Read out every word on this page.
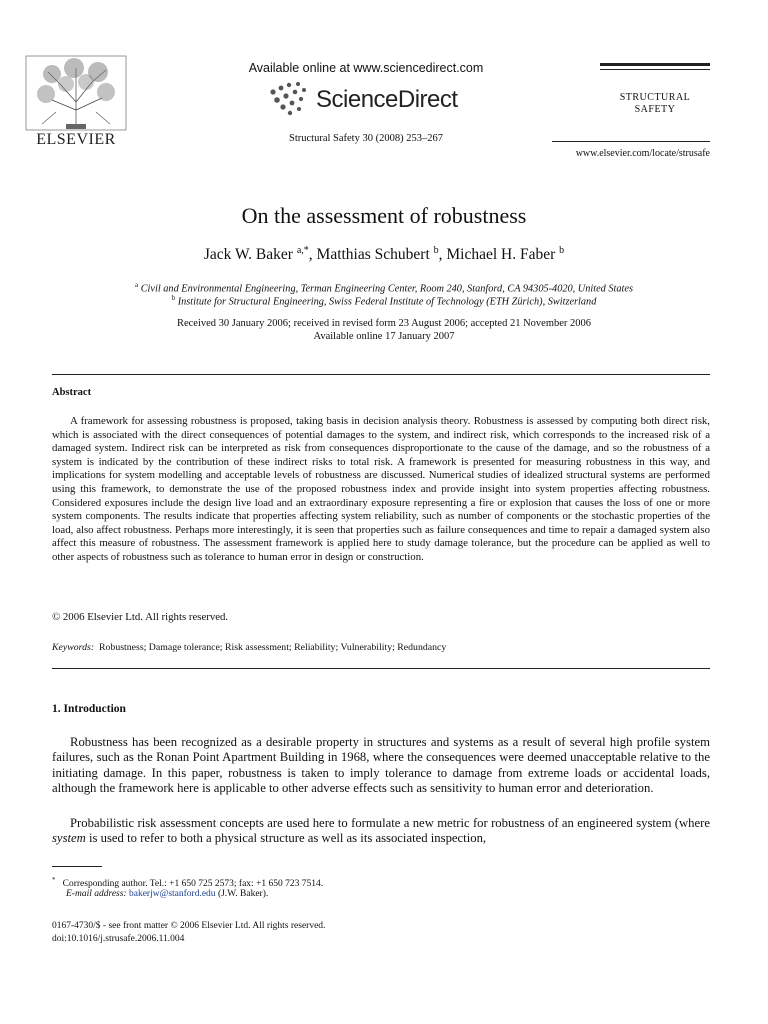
ELSEVIER
Available online at www.sciencedirect.com
ScienceDirect
Structural Safety 30 (2008) 253–267
STRUCTURAL
SAFETY
www.elsevier.com/locate/strusafe
On the assessment of robustness
Jack W. Baker $^{a,*}$, Matthias Schubert $^b$, Michael H. Faber $^b$
$^a$ Civil and Environmental Engineering, Terman Engineering Center, Room 240, Stanford, CA 94305-4020, United States
$^b$ Institute for Structural Engineering, Swiss Federal Institute of Technology (ETH Zürich), Switzerland
Received 30 January 2006; received in revised form 23 August 2006; accepted 21 November 2006
Available online 17 January 2007
Abstract
A framework for assessing robustness is proposed, taking basis in decision analysis theory. Robustness is assessed by computing both direct risk, which is associated with the direct consequences of potential damages to the system, and indirect risk, which corresponds to the increased risk of a damaged system. Indirect risk can be interpreted as risk from consequences disproportionate to the cause of the damage, and so the robustness of a system is indicated by the contribution of these indirect risks to total risk. A framework is presented for measuring robustness in this way, and implications for system modelling and acceptable levels of robustness are discussed. Numerical studies of idealized structural systems are performed using this framework, to demonstrate the use of the proposed robustness index and provide insight into system properties affecting robustness. Considered exposures include the design live load and an extraordinary exposure representing a fire or explosion that causes the loss of one or more system components. The results indicate that properties affecting system reliability, such as number of components or the stochastic properties of the load, also affect robustness. Perhaps more interestingly, it is seen that properties such as failure consequences and time to repair a damaged system also affect this measure of robustness. The assessment framework is applied here to study damage tolerance, but the procedure can be applied as well to other aspects of robustness such as tolerance to human error in design or construction.
© 2006 Elsevier Ltd. All rights reserved.
Keywords: Robustness; Damage tolerance; Risk assessment; Reliability; Vulnerability; Redundancy
1. Introduction
Robustness has been recognized as a desirable property in structures and systems as a result of several high profile system failures, such as the Ronan Point Apartment Building in 1968, where the consequences were deemed unacceptable relative to the initiating damage. In this paper, robustness is taken to imply tolerance to damage from extreme loads or accidental loads, although the framework here is applicable to other adverse effects such as sensitivity to human error and deterioration.
Probabilistic risk assessment concepts are used here to formulate a new metric for robustness of an engineered system (where system is used to refer to both a physical structure as well as its associated inspection,
* Corresponding author. Tel.: +1 650 725 2573; fax: +1 650 723 7514.
E-mail address: bakerjw@stanford.edu (J.W. Baker).
0167-4730/$ - see front matter © 2006 Elsevier Ltd. All rights reserved.
doi:10.1016/j.strusafe.2006.11.004
